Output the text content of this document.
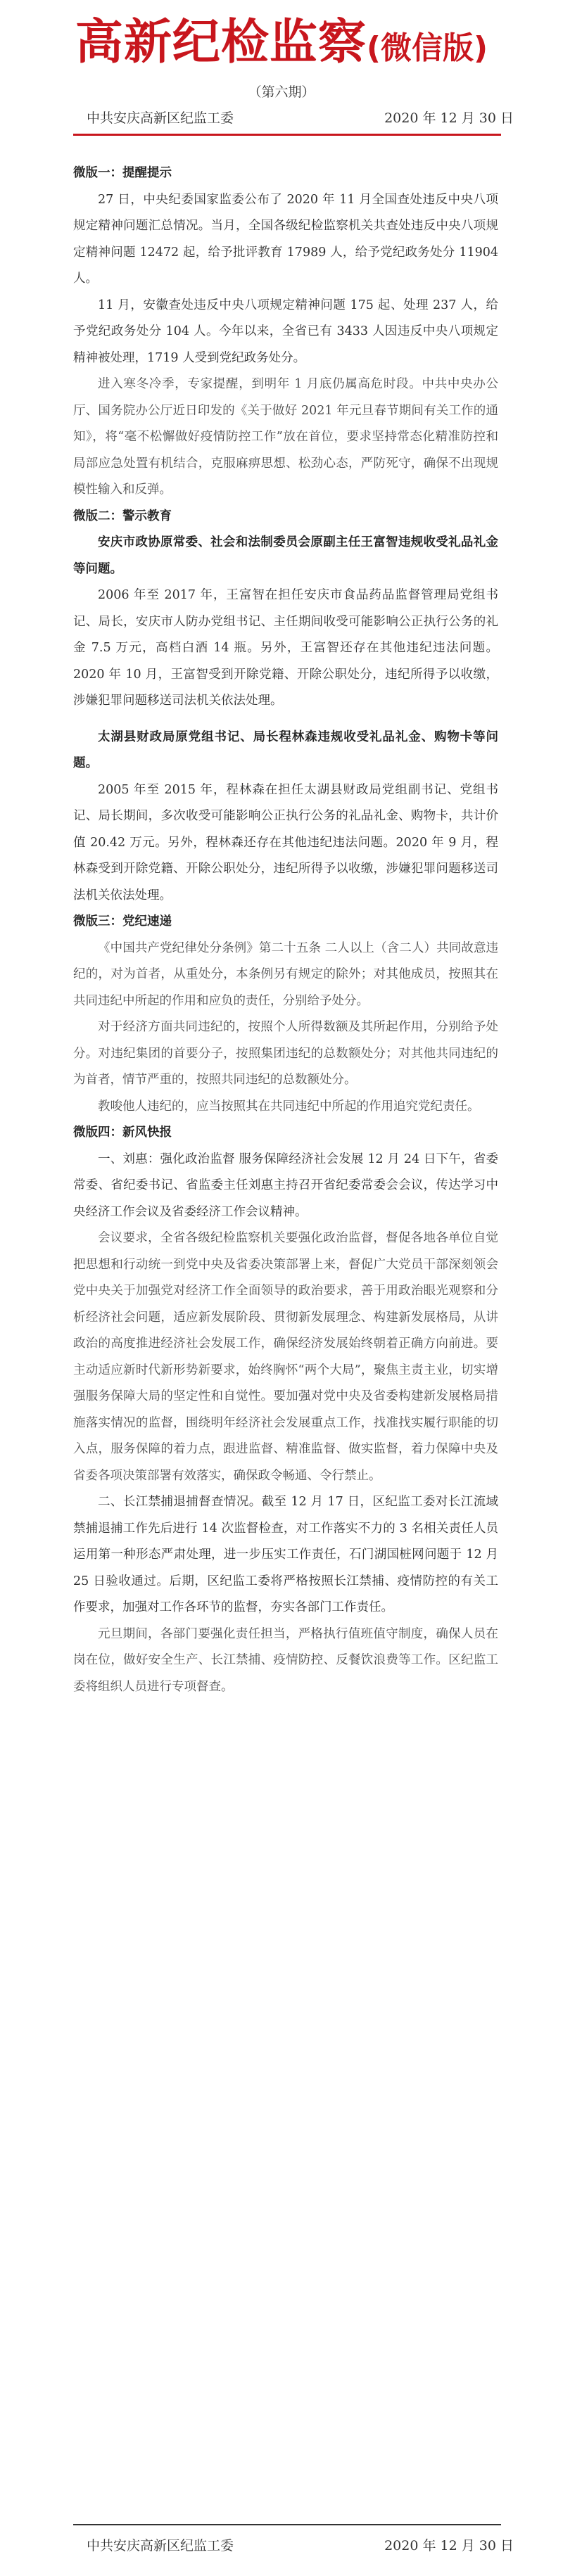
高新纪检监察(微信版)
（第六期）
中共安庆高新区纪监工委	2020 年 12 月 30 日

微版一：提醒提示

27 日，中央纪委国家监委公布了 2020 年 11 月全国查处违反中央八项规定精神问题汇总情况。当月，全国各级纪检监察机关共查处违反中央八项规定精神问题 12472 起，给予批评教育 17989 人，给予党纪政务处分 11904 人。

11 月，安徽查处违反中央八项规定精神问题 175 起、处理 237 人，给予党纪政务处分 104 人。今年以来，全省已有 3433 人因违反中央八项规定精神被处理，1719 人受到党纪政务处分。

进入寒冬冷季，专家提醒，到明年 1 月底仍属高危时段。中共中央办公厅、国务院办公厅近日印发的《关于做好 2021 年元旦春节期间有关工作的通知》，将“毫不松懈做好疫情防控工作”放在首位，要求坚持常态化精准防控和局部应急处置有机结合，克服麻痹思想、松劲心态，严防死守，确保不出现规模性输入和反弹。

微版二：警示教育

安庆市政协原常委、社会和法制委员会原副主任王富智违规收受礼品礼金等问题。

2006 年至 2017 年，王富智在担任安庆市食品药品监督管理局党组书记、局长，安庆市人防办党组书记、主任期间收受可能影响公正执行公务的礼金 7.5 万元，高档白酒 14 瓶。另外，王富智还存在其他违纪违法问题。2020 年 10 月，王富智受到开除党籍、开除公职处分，违纪所得予以收缴，涉嫌犯罪问题移送司法机关依法处理。

太湖县财政局原党组书记、局长程林森违规收受礼品礼金、购物卡等问题。

2005 年至 2015 年，程林森在担任太湖县财政局党组副书记、党组书记、局长期间，多次收受可能影响公正执行公务的礼品礼金、购物卡，共计价值 20.42 万元。另外，程林森还存在其他违纪违法问题。2020 年 9 月，程林森受到开除党籍、开除公职处分，违纪所得予以收缴，涉嫌犯罪问题移送司法机关依法处理。

微版三：党纪速递

《中国共产党纪律处分条例》第二十五条 二人以上（含二人）共同故意违纪的，对为首者，从重处分，本条例另有规定的除外；对其他成员，按照其在共同违纪中所起的作用和应负的责任，分别给予处分。

对于经济方面共同违纪的，按照个人所得数额及其所起作用，分别给予处分。对违纪集团的首要分子，按照集团违纪的总数额处分；对其他共同违纪的为首者，情节严重的，按照共同违纪的总数额处分。

教唆他人违纪的，应当按照其在共同违纪中所起的作用追究党纪责任。

微版四：新风快报

一、刘惠：强化政治监督 服务保障经济社会发展 12 月 24 日下午，省委常委、省纪委书记、省监委主任刘惠主持召开省纪委常委会会议，传达学习中央经济工作会议及省委经济工作会议精神。

会议要求，全省各级纪检监察机关要强化政治监督，督促各地各单位自觉把思想和行动统一到党中央及省委决策部署上来，督促广大党员干部深刻领会党中央关于加强党对经济工作全面领导的政治要求，善于用政治眼光观察和分析经济社会问题，适应新发展阶段、贯彻新发展理念、构建新发展格局，从讲政治的高度推进经济社会发展工作，确保经济发展始终朝着正确方向前进。要主动适应新时代新形势新要求，始终胸怀“两个大局”，聚焦主责主业，切实增强服务保障大局的坚定性和自觉性。要加强对党中央及省委构建新发展格局措施落实情况的监督，围绕明年经济社会发展重点工作，找准找实履行职能的切入点，服务保障的着力点，跟进监督、精准监督、做实监督，着力保障中央及省委各项决策部署有效落实，确保政令畅通、令行禁止。

二、长江禁捕退捕督查情况。截至 12 月 17 日，区纪监工委对长江流域禁捕退捕工作先后进行 14 次监督检查，对工作落实不力的 3 名相关责任人员运用第一种形态严肃处理，进一步压实工作责任，石门湖国桩网问题于 12 月 25 日验收通过。后期，区纪监工委将严格按照长江禁捕、疫情防控的有关工作要求，加强对工作各环节的监督，夯实各部门工作责任。

元旦期间，各部门要强化责任担当，严格执行值班值守制度，确保人员在岗在位，做好安全生产、长江禁捕、疫情防控、反餐饮浪费等工作。区纪监工委将组织人员进行专项督查。

中共安庆高新区纪监工委	2020 年 12 月 30 日
